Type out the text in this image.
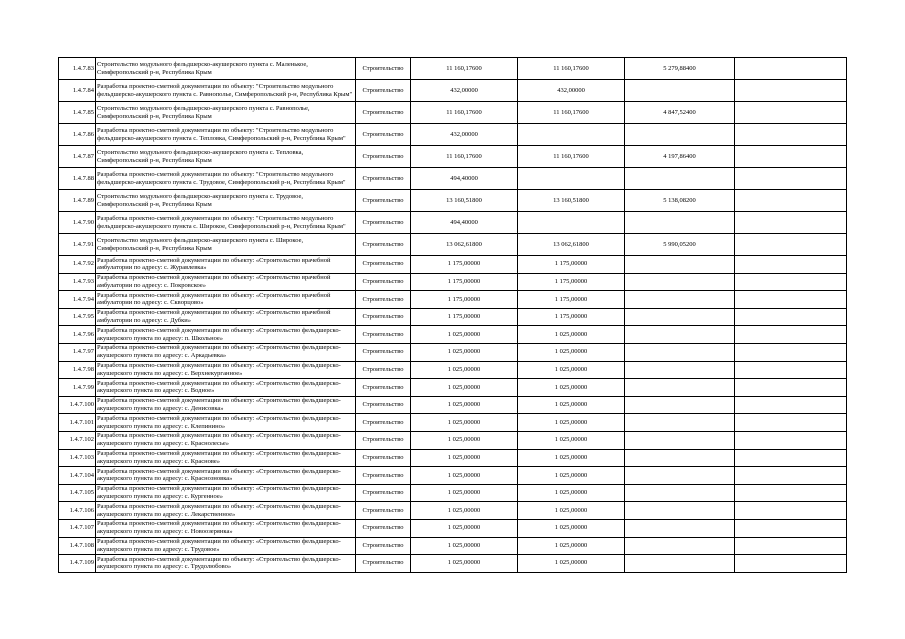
1.4.7.83	Строительство модульного фельдшерско-акушерского пункта с. Маленькое, Симферопольский р-н, Республика Крым	Строительство	11 160,17600	11 160,17600	5 279,88400	
1.4.7.84	Разработка проектно-сметной документации по объекту: "Строительство модульного фельдшерско-акушерского пункта с. Равнополье, Симферопольский р-н, Республика Крым"	Строительство	432,00000	432,00000		
1.4.7.85	Строительство модульного фельдшерско-акушерского пункта с. Равнополье, Симферопольский р-н, Республика Крым	Строительство	11 160,17600	11 160,17600	4 847,52400	
1.4.7.86	Разработка проектно-сметной документации по объекту: "Строительство модульного фельдшерско-акушерского пункта с. Тепловка, Симферопольский р-н, Республика Крым"	Строительство	432,00000			
1.4.7.87	Строительство модульного фельдшерско-акушерского пункта с. Тепловка, Симферопольский р-н, Республика Крым	Строительство	11 160,17600	11 160,17600	4 197,86400	
1.4.7.88	Разработка проектно-сметной документации по объекту: "Строительство модульного фельдшерско-акушерского пункта с. Трудовое, Симферопольский р-н, Республика Крым"	Строительство	494,40000			
1.4.7.89	Строительство модульного фельдшерско-акушерского пункта с. Трудовое, Симферопольский р-н, Республика Крым	Строительство	13 160,51800	13 160,51800	5 138,08200	
1.4.7.90	Разработка проектно-сметной документации по объекту: "Строительство модульного фельдшерско-акушерского пункта с. Широкое, Симферопольский р-н, Республика Крым"	Строительство	494,40000			
1.4.7.91	Строительство модульного фельдшерско-акушерского пункта с. Широкое, Симферопольский р-н, Республика Крым	Строительство	13 062,61800	13 062,61800	5 990,05200	
1.4.7.92	Разработка проектно-сметной документации по объекту: «Строительство врачебной амбулатории по адресу: с. Журавлевка»	Строительство	1 175,00000	1 175,00000		
1.4.7.93	Разработка проектно-сметной документации по объекту: «Строительство врачебной амбулатории по адресу: с. Покровское»	Строительство	1 175,00000	1 175,00000		
1.4.7.94	Разработка проектно-сметной документации по объекту: «Строительство врачебной амбулатории по адресу: с. Скворцово»	Строительство	1 175,00000	1 175,00000		
1.4.7.95	Разработка проектно-сметной документации по объекту: «Строительство врачебной амбулатории по адресу: с. Дубки»	Строительство	1 175,00000	1 175,00000		
1.4.7.96	Разработка проектно-сметной документации по объекту: «Строительство фельдшерско-акушерского пункта по адресу: п. Школьное»	Строительство	1 025,00000	1 025,00000		
1.4.7.97	Разработка проектно-сметной документации по объекту: «Строительство фельдшерско-акушерского пункта по адресу: с. Аркадьевка»	Строительство	1 025,00000	1 025,00000		
1.4.7.98	Разработка проектно-сметной документации по объекту: «Строительство фельдшерско-акушерского пункта по адресу: с. Верхнекурганное»	Строительство	1 025,00000	1 025,00000		
1.4.7.99	Разработка проектно-сметной документации по объекту: «Строительство фельдшерско-акушерского пункта по адресу: с. Водное»	Строительство	1 025,00000	1 025,00000		
1.4.7.100	Разработка проектно-сметной документации по объекту: «Строительство фельдшерско-акушерского пункта по адресу: с. Денисовка»	Строительство	1 025,00000	1 025,00000		
1.4.7.101	Разработка проектно-сметной документации по объекту: «Строительство фельдшерско-акушерского пункта по адресу: с. Клепинино»	Строительство	1 025,00000	1 025,00000		
1.4.7.102	Разработка проектно-сметной документации по объекту: «Строительство фельдшерско-акушерского пункта по адресу: с. Краснолесье»	Строительство	1 025,00000	1 025,00000		
1.4.7.103	Разработка проектно-сметной документации по объекту: «Строительство фельдшерско-акушерского пункта по адресу: с. Краснове»	Строительство	1 025,00000	1 025,00000		
1.4.7.104	Разработка проектно-сметной документации по объекту: «Строительство фельдшерско-акушерского пункта по адресу: с. Краснозновка»	Строительство	1 025,00000	1 025,00000		
1.4.7.105	Разработка проектно-сметной документации по объекту: «Строительство фельдшерско-акушерского пункта по адресу: с. Кургенное»	Строительство	1 025,00000	1 025,00000		
1.4.7.106	Разработка проектно-сметной документации по объекту: «Строительство фельдшерско-акушерского пункта по адресу: с. Лекарственное»	Строительство	1 025,00000	1 025,00000		
1.4.7.107	Разработка проектно-сметной документации по объекту: «Строительство фельдшерско-акушерского пункта по адресу: с. Новоозерянка»	Строительство	1 025,00000	1 025,00000		
1.4.7.108	Разработка проектно-сметной документации по объекту: «Строительство фельдшерско-акушерского пункта по адресу: с. Трудовое»	Строительство	1 025,00000	1 025,00000		
1.4.7.109	Разработка проектно-сметной документации по объекту: «Строительство фельдшерско-акушерского пункта по адресу: с. Трудолюбово»	Строительство	1 025,00000	1 025,00000		
